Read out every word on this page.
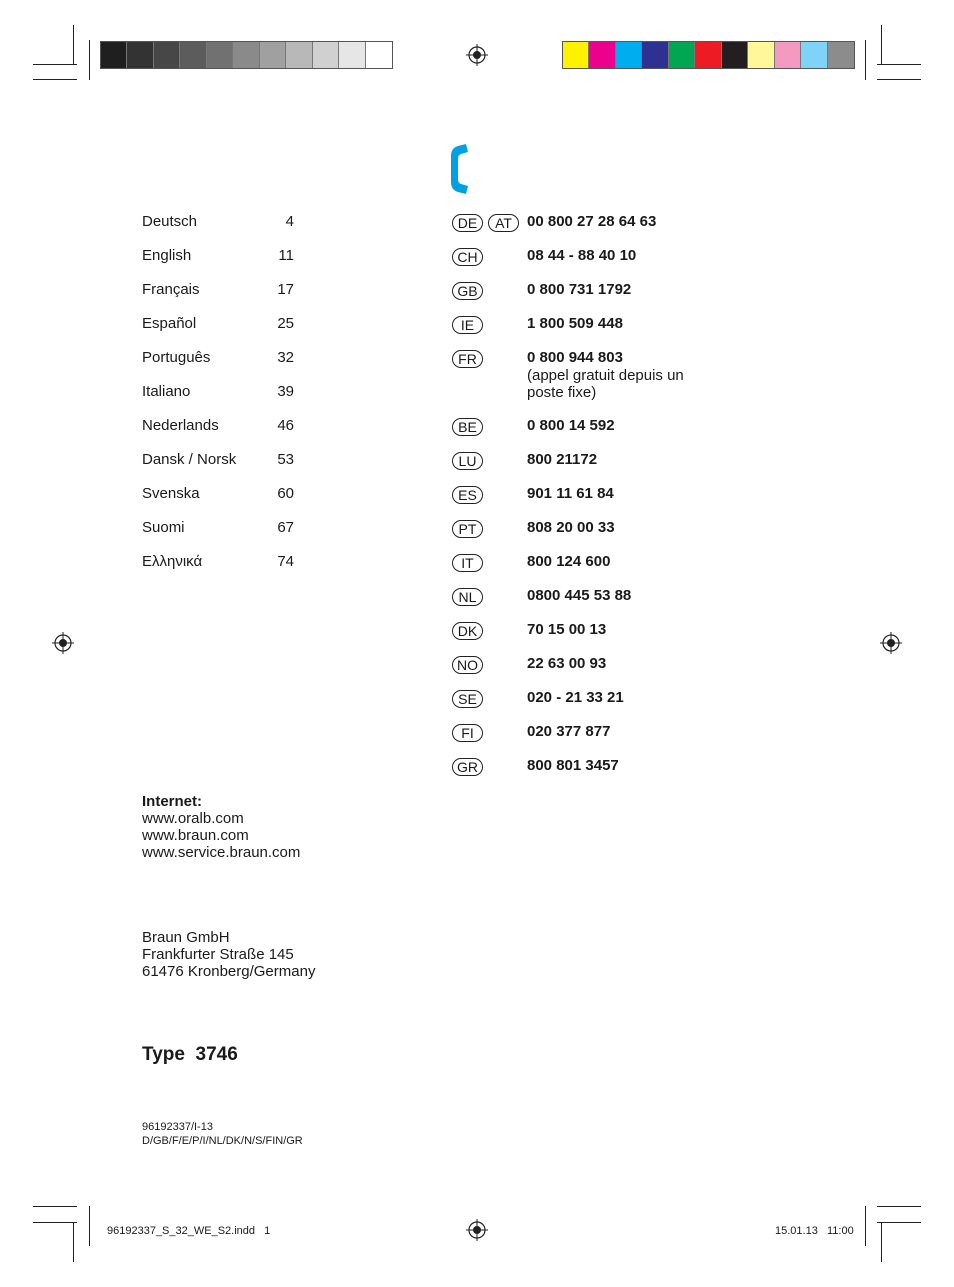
Deutsch	4
English	11
Français	17
Español	25
Português	32
Italiano	39
Nederlands	46
Dansk / Norsk	53
Svenska	60
Suomi	67
Ελληνικά	74
DE	AT	00 800 27 28 64 63
CH	08 44 - 88 40 10
GB	0 800 731 1792
IE	1 800 509 448
FR	0 800 944 803
(appel gratuit depuis un
poste fixe)
BE	0 800 14 592
LU	800 21172
ES	901 11 61 84
PT	808 20 00 33
IT	800 124 600
NL	0800 445 53 88
DK	70 15 00 13
NO	22 63 00 93
SE	020 - 21 33 21
FI	020 377 877
GR	800 801 3457
Internet:
www.oralb.com
www.braun.com
www.service.braun.com
Braun GmbH
Frankfurter Straße 145
61476 Kronberg/Germany
Type 3746
96192337/I-13
D/GB/F/E/P/I/NL/DK/N/S/FIN/GR
96192337_S_32_WE_S2.indd   1	15.01.13   11:00
